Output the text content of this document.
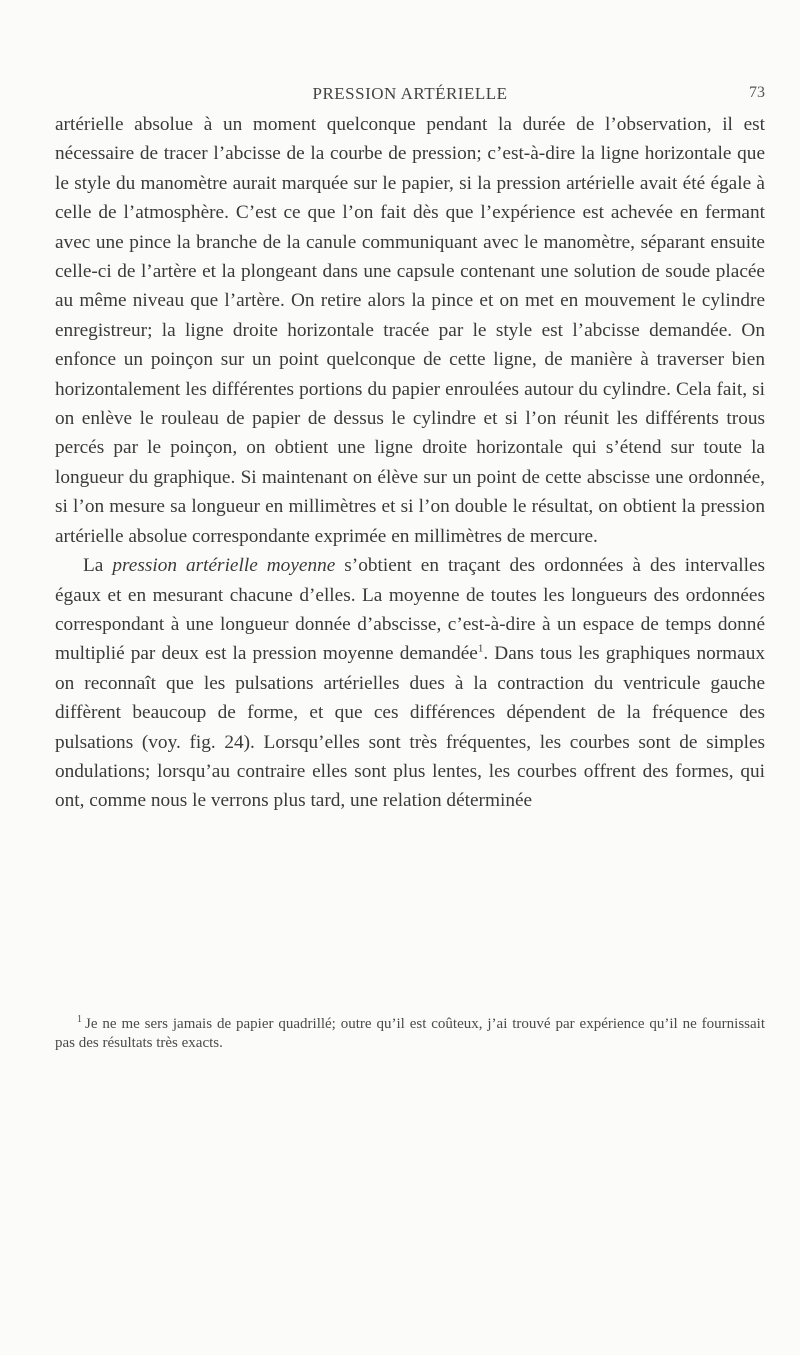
PRESSION ARTÉRIELLE	73

artérielle absolue à un moment quelconque pendant la durée de l’observation, il est nécessaire de tracer l’abcisse de la courbe de pression; c’est-à-dire la ligne horizontale que le style du manomètre aurait marquée sur le papier, si la pression artérielle avait été égale à celle de l’atmosphère. C’est ce que l’on fait dès que l’expérience est achevée en fermant avec une pince la branche de la canule communiquant avec le manomètre, séparant ensuite celle-ci de l’artère et la plongeant dans une capsule contenant une solution de soude placée au même niveau que l’artère. On retire alors la pince et on met en mouvement le cylindre enregistreur; la ligne droite horizontale tracée par le style est l’abcisse demandée. On enfonce un poinçon sur un point quelconque de cette ligne, de manière à traverser bien horizontalement les différentes portions du papier enroulées autour du cylindre. Cela fait, si on enlève le rouleau de papier de dessus le cylindre et si l’on réunit les différents trous percés par le poinçon, on obtient une ligne droite horizontale qui s’étend sur toute la longueur du graphique. Si maintenant on élève sur un point de cette abscisse une ordonnée, si l’on mesure sa longueur en millimètres et si l’on double le résultat, on obtient la pression artérielle absolue correspondante exprimée en millimètres de mercure.

La pression artérielle moyenne s’obtient en traçant des ordonnées à des intervalles égaux et en mesurant chacune d’elles. La moyenne de toutes les longueurs des ordonnées correspondant à une longueur donnée d’abscisse, c’est-à-dire à un espace de temps donné multiplié par deux est la pression moyenne demandée$^1$. Dans tous les graphiques normaux on reconnaît que les pulsations artérielles dues à la contraction du ventricule gauche diffèrent beaucoup de forme, et que ces différences dépendent de la fréquence des pulsations (voy. fig. 24). Lorsqu’elles sont très fréquentes, les courbes sont de simples ondulations; lorsqu’au contraire elles sont plus lentes, les courbes offrent des formes, qui ont, comme nous le verrons plus tard, une relation déterminée

$^1$ Je ne me sers jamais de papier quadrillé; outre qu’il est coûteux, j’ai trouvé par expérience qu’il ne fournissait pas des résultats très exacts.
